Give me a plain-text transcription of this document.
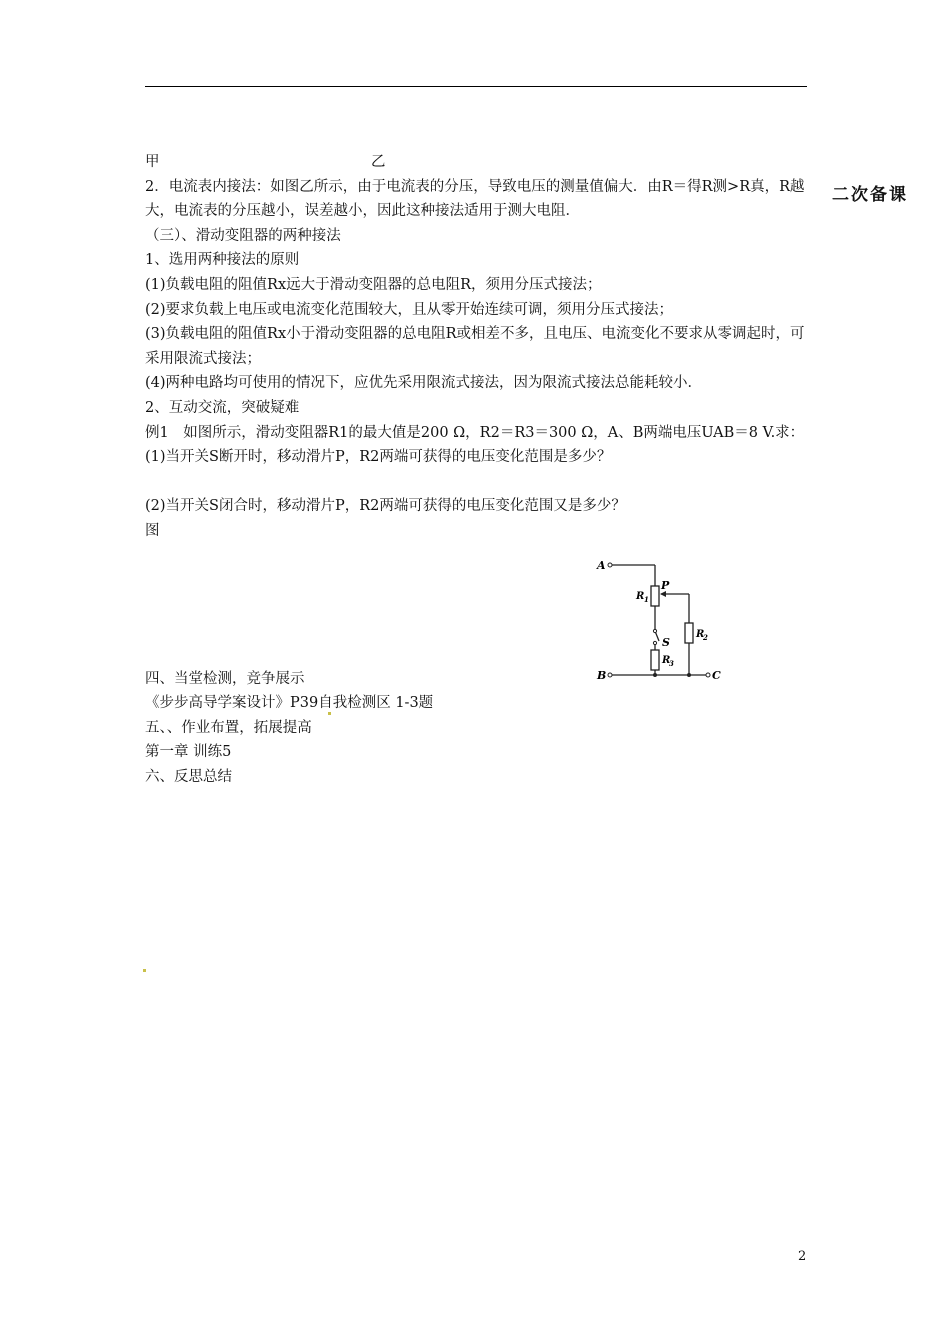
二次备课
甲	乙
2．电流表内接法：如图乙所示，由于电流表的分压，导致电压的测量值偏大．由R＝得R测>R真，R越大，电流表的分压越小，误差越小，因此这种接法适用于测大电阻．
（三）、滑动变阻器的两种接法
1、选用两种接法的原则
(1)负载电阻的阻值Rx远大于滑动变阻器的总电阻R，须用分压式接法；
(2)要求负载上电压或电流变化范围较大，且从零开始连续可调，须用分压式接法；
(3)负载电阻的阻值Rx小于滑动变阻器的总电阻R或相差不多，且电压、电流变化不要求从零调起时，可采用限流式接法；
(4)两种电路均可使用的情况下，应优先采用限流式接法，因为限流式接法总能耗较小．
2、互动交流，突破疑难
例1　如图所示，滑动变阻器R1的最大值是200 Ω，R2＝R3＝300 Ω，A、B两端电压UAB＝8 V.求：
(1)当开关S断开时，移动滑片P，R2两端可获得的电压变化范围是多少？
(2)当开关S闭合时，移动滑片P，R2两端可获得的电压变化范围又是多少？
图
四、当堂检测，竞争展示
《步步高导学案设计》P39自我检测区 1-3题
五、、作业布置，拓展提高
第一章 训练5
六、反思总结
A
B	C
P
R 1
R
2
R
3
S
2
